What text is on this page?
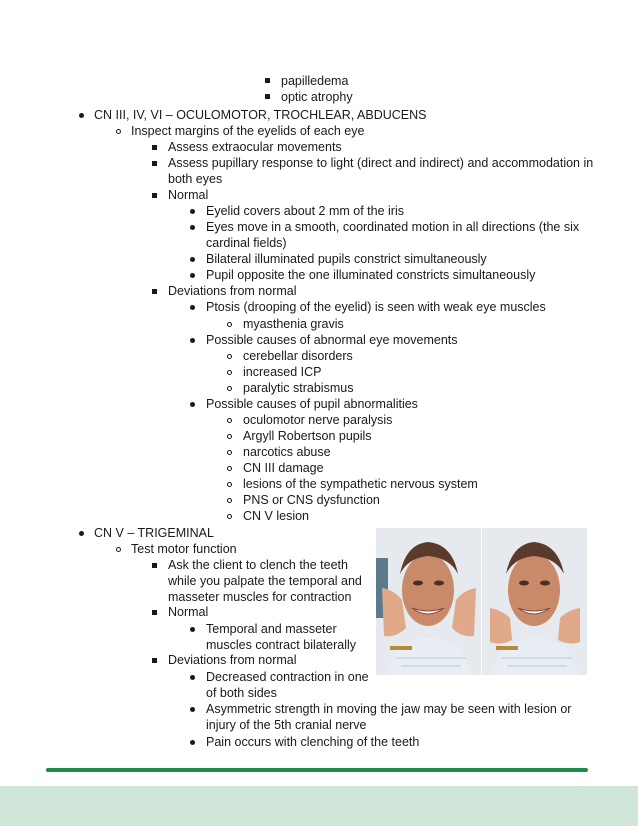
papilledema
optic atrophy
CN III, IV, VI – OCULOMOTOR, TROCHLEAR, ABDUCENS
Inspect margins of the eyelids of each eye
Assess extraocular movements
Assess pupillary response to light (direct and indirect) and accommodation in
both eyes
Normal
Eyelid covers about 2 mm of the iris
Eyes move in a smooth, coordinated motion in all directions (the six
cardinal fields)
Bilateral illuminated pupils constrict simultaneously
Pupil opposite the one illuminated constricts simultaneously
Deviations from normal
Ptosis (drooping of the eyelid) is seen with weak eye muscles
myasthenia gravis
Possible causes of abnormal eye movements
cerebellar disorders
increased ICP
paralytic strabismus
Possible causes of pupil abnormalities
oculomotor nerve paralysis
Argyll Robertson pupils
narcotics abuse
CN III damage
lesions of the sympathetic nervous system
PNS or CNS dysfunction
CN V lesion
CN V – TRIGEMINAL
Test motor function
Ask the client to clench the teeth
while you palpate the temporal and
masseter muscles for contraction
Normal
Temporal and masseter
muscles contract bilaterally
Deviations from normal
Decreased contraction in one
of both sides
Asymmetric strength in moving the jaw may be seen with lesion or
injury of the 5th cranial nerve
Pain occurs with clenching of the teeth
